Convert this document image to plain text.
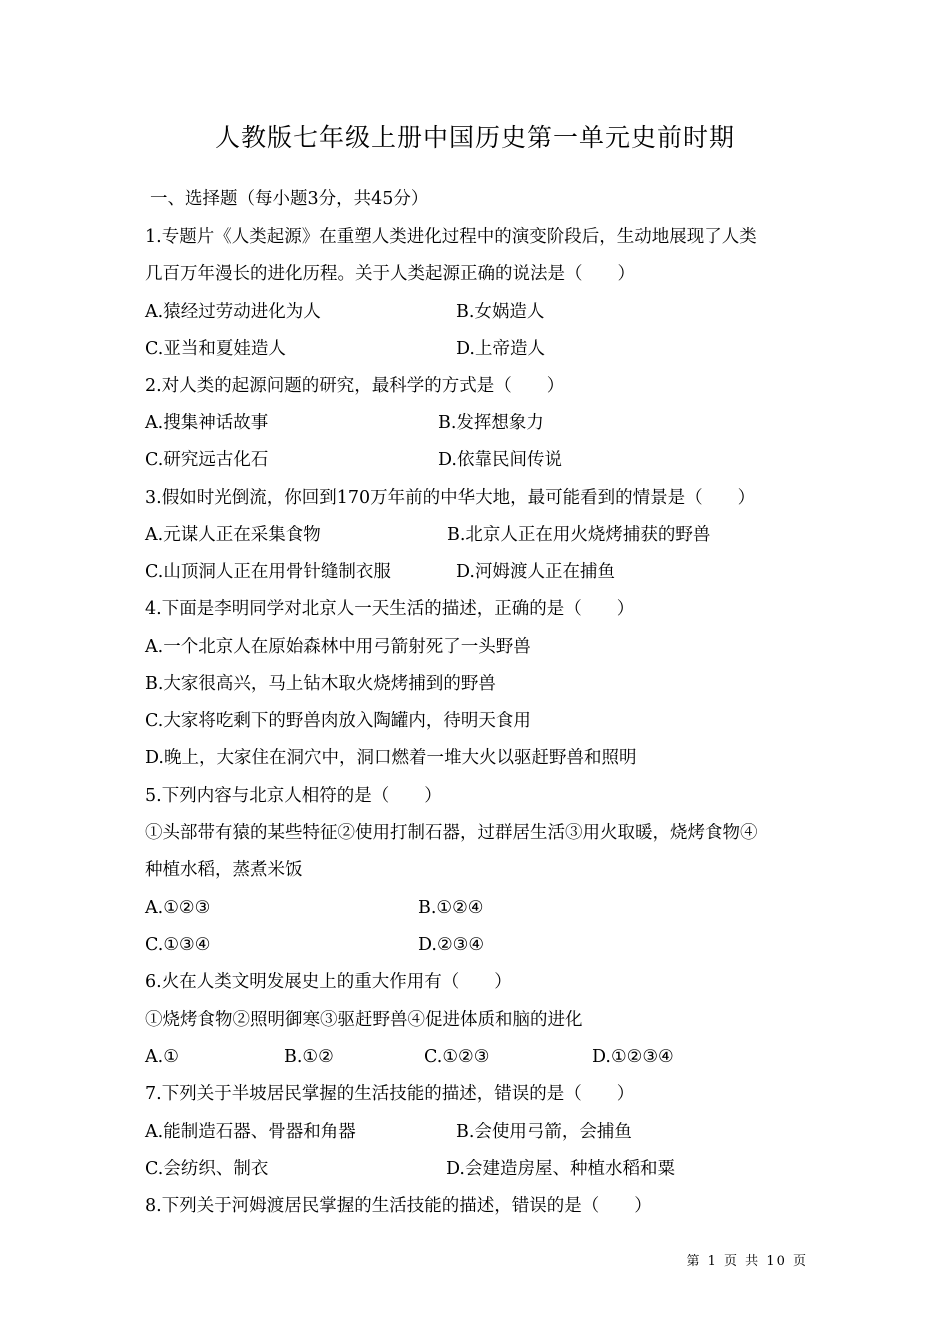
人教版七年级上册中国历史第一单元史前时期
一、选择题（每小题3分，共45分）
1.专题片《人类起源》在重塑人类进化过程中的演变阶段后，生动地展现了人类
几百万年漫长的进化历程。关于人类起源正确的说法是（　　）
A.猿经过劳动进化为人	B.女娲造人
C.亚当和夏娃造人	D.上帝造人
2.对人类的起源问题的研究，最科学的方式是（　　）
A.搜集神话故事	B.发挥想象力
C.研究远古化石	D.依靠民间传说
3.假如时光倒流，你回到170万年前的中华大地，最可能看到的情景是（　　）
A.元谋人正在采集食物	B.北京人正在用火烧烤捕获的野兽
C.山顶洞人正在用骨针缝制衣服	D.河姆渡人正在捕鱼
4.下面是李明同学对北京人一天生活的描述，正确的是（　　）
A.一个北京人在原始森林中用弓箭射死了一头野兽
B.大家很高兴，马上钻木取火烧烤捕到的野兽
C.大家将吃剩下的野兽肉放入陶罐内，待明天食用
D.晚上，大家住在洞穴中，洞口燃着一堆大火以驱赶野兽和照明
5.下列内容与北京人相符的是（　　）
①头部带有猿的某些特征②使用打制石器，过群居生活③用火取暖，烧烤食物④
种植水稻，蒸煮米饭
A.①②③	B.①②④
C.①③④	D.②③④
6.火在人类文明发展史上的重大作用有（　　）
①烧烤食物②照明御寒③驱赶野兽④促进体质和脑的进化
A.①	B.①②	C.①②③	D.①②③④
7.下列关于半坡居民掌握的生活技能的描述，错误的是（　　）
A.能制造石器、骨器和角器	B.会使用弓箭，会捕鱼
C.会纺织、制衣	D.会建造房屋、种植水稻和粟
8.下列关于河姆渡居民掌握的生活技能的描述，错误的是（　　）
第 1 页 共 10 页
